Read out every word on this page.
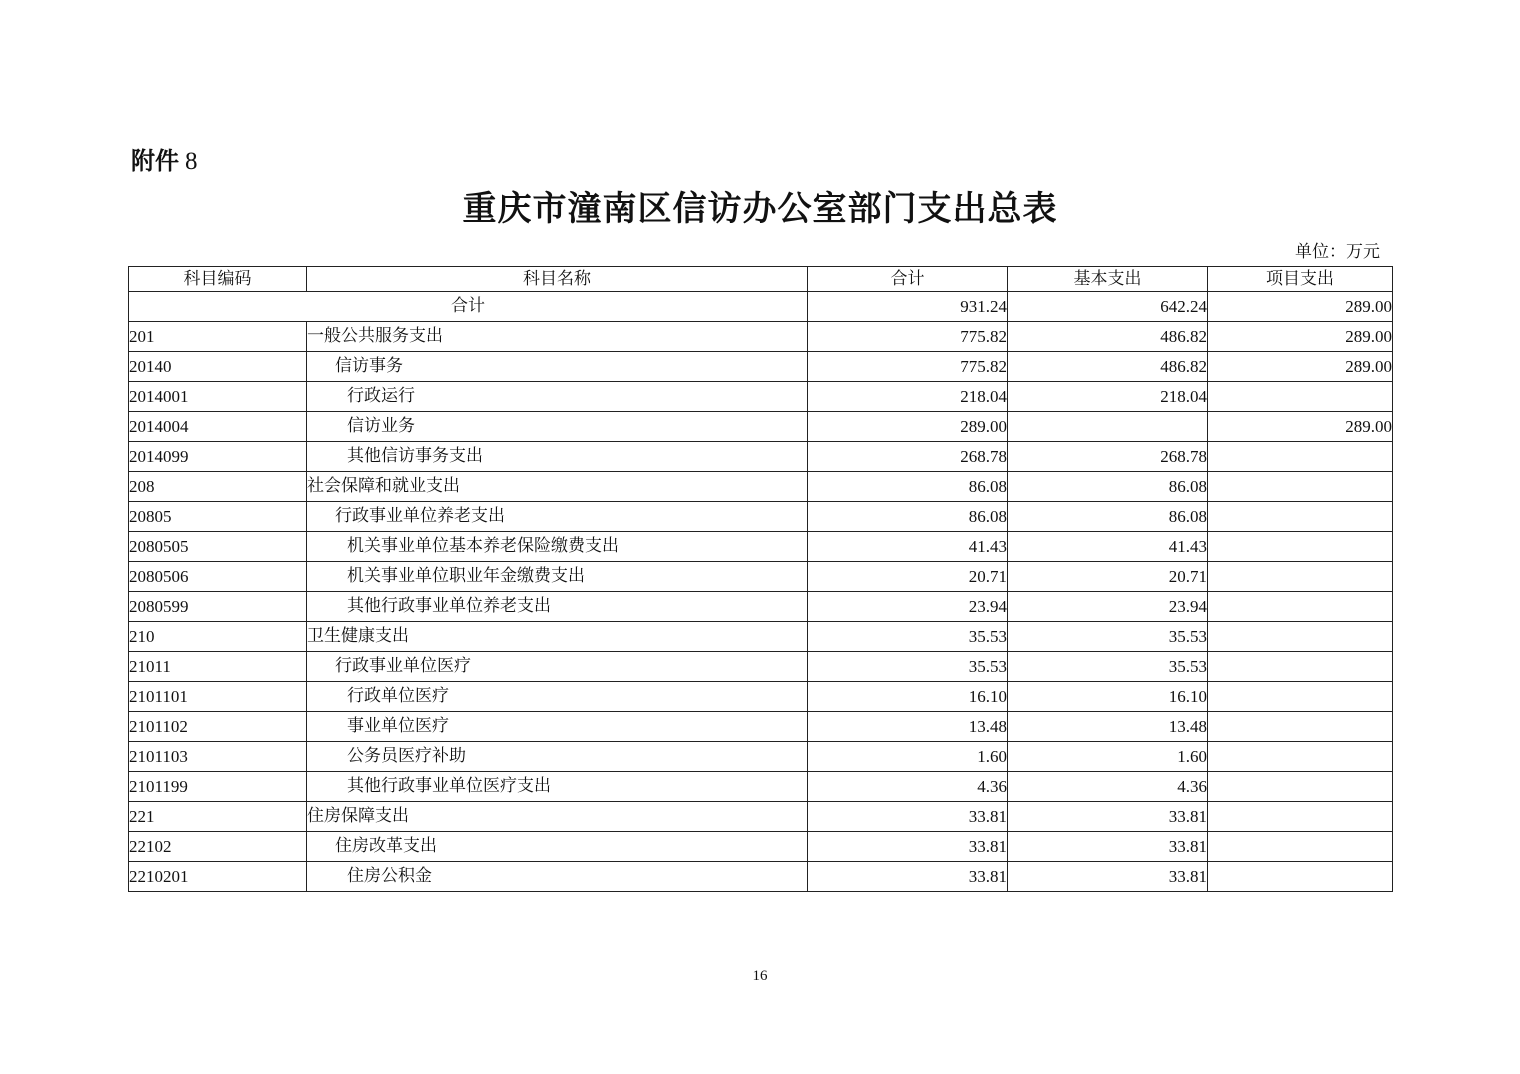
附件 8
重庆市潼南区信访办公室部门支出总表
单位：万元
科目编码	科目名称	合计	基本支出	项目支出
合计		931.24	642.24	289.00
201	一般公共服务支出	775.82	486.82	289.00
20140	信访事务	775.82	486.82	289.00
2014001	行政运行	218.04	218.04	
2014004	信访业务	289.00		289.00
2014099	其他信访事务支出	268.78	268.78	
208	社会保障和就业支出	86.08	86.08	
20805	行政事业单位养老支出	86.08	86.08	
2080505	机关事业单位基本养老保险缴费支出	41.43	41.43	
2080506	机关事业单位职业年金缴费支出	20.71	20.71	
2080599	其他行政事业单位养老支出	23.94	23.94	
210	卫生健康支出	35.53	35.53	
21011	行政事业单位医疗	35.53	35.53	
2101101	行政单位医疗	16.10	16.10	
2101102	事业单位医疗	13.48	13.48	
2101103	公务员医疗补助	1.60	1.60	
2101199	其他行政事业单位医疗支出	4.36	4.36	
221	住房保障支出	33.81	33.81	
22102	住房改革支出	33.81	33.81	
2210201	住房公积金	33.81	33.81	
16
